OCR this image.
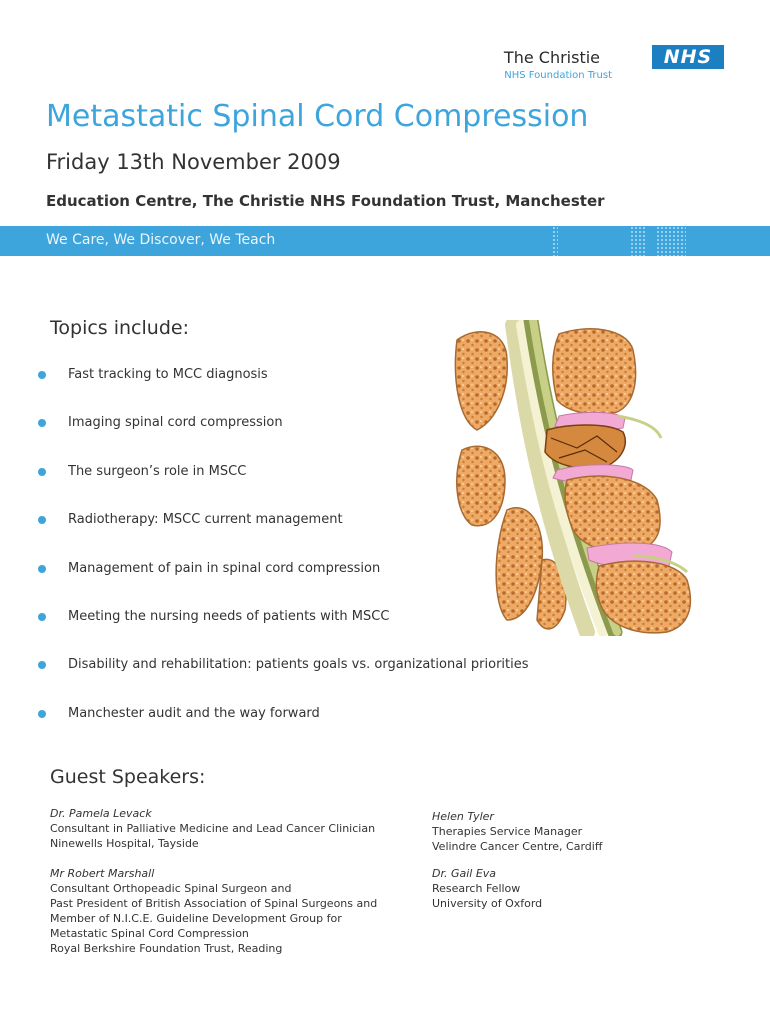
The Christie	NHS
NHS Foundation Trust
Metastatic Spinal Cord Compression
Friday 13th November 2009
Education Centre, The Christie NHS Foundation Trust, Manchester
We Care, We Discover, We Teach
Topics include:
Fast tracking to MCC diagnosis
Imaging spinal cord compression
The surgeon’s role in MSCC
Radiotherapy: MSCC current management
Management of pain in spinal cord compression
Meeting the nursing needs of patients with MSCC
Disability and rehabilitation: patients goals vs. organizational priorities
Manchester audit and the way forward
Guest Speakers:
Dr. Pamela Levack
Consultant in Palliative Medicine and Lead Cancer Clinician
Ninewells Hospital, Tayside
Mr Robert Marshall
Consultant Orthopeadic Spinal Surgeon and
Past President of British Association of Spinal Surgeons and
Member of N.I.C.E. Guideline Development Group for
Metastatic Spinal Cord Compression
Royal Berkshire Foundation Trust, Reading
Helen Tyler
Therapies Service Manager
Velindre Cancer Centre, Cardiff
Dr. Gail Eva
Research Fellow
University of Oxford
